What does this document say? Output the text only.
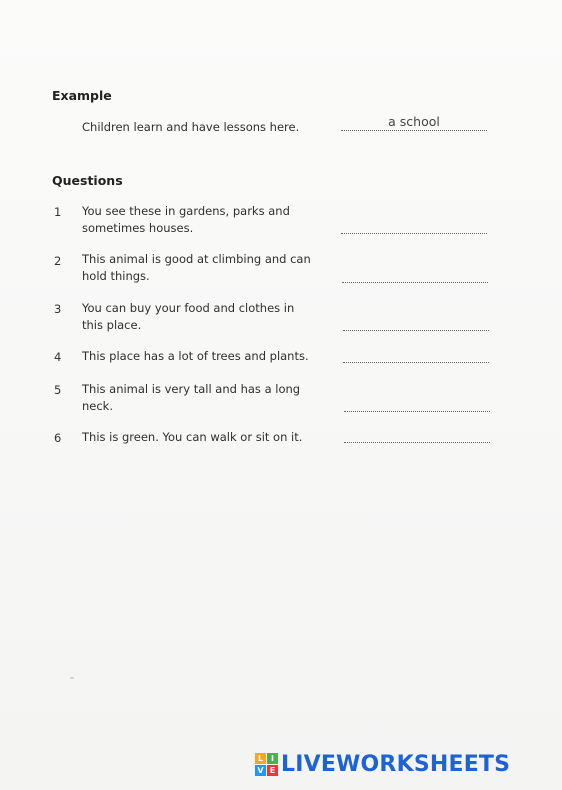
Example
Children learn and have lessons here.	a school
Questions
1 You see these in gardens, parks and
sometimes houses.
2 This animal is good at climbing and can
hold things.
3 You can buy your food and clothes in
this place.
4 This place has a lot of trees and plants.
5 This animal is very tall and has a long
neck.
6 This is green. You can walk or sit on it.
L I
V E LIVEWORKSHEETS
